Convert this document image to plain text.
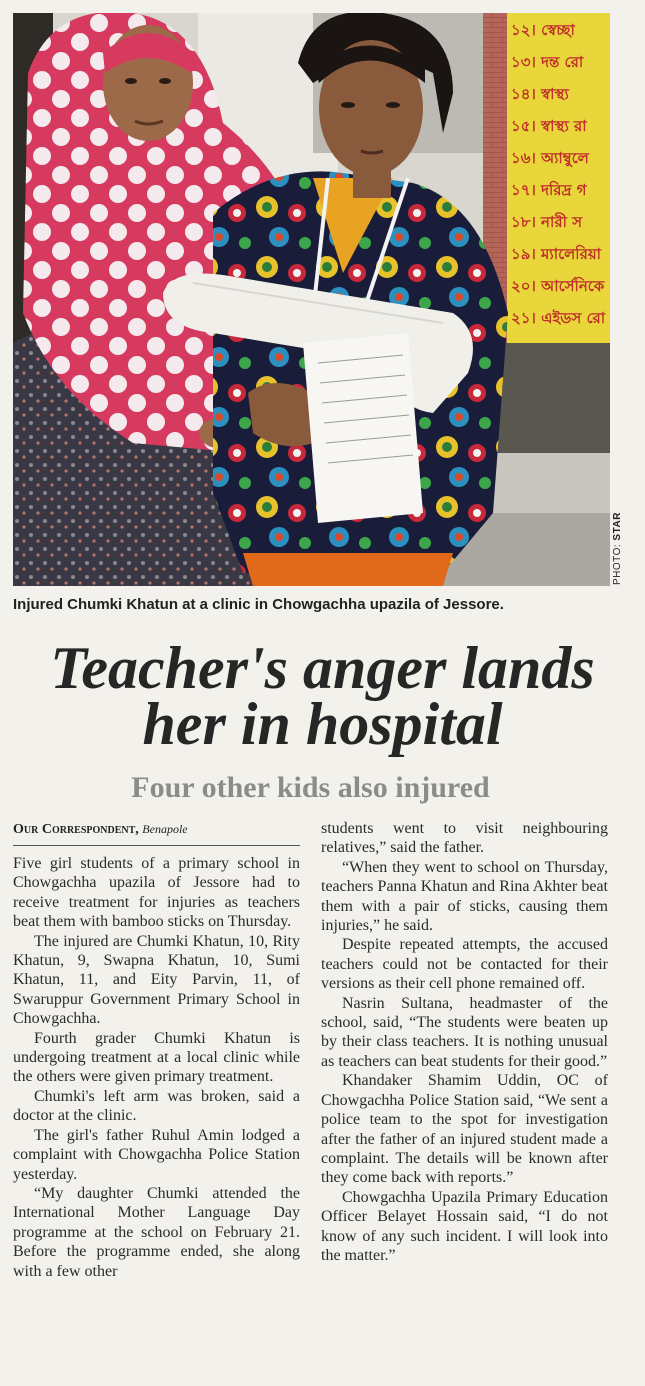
১২। স্বেচ্ছা
১৩। দন্ত রো
১৪। স্বাস্থ্য
১৫। স্বাস্থ্য রা
১৬। অ্যাম্বুলে
১৭। দরিদ্র গ
১৮। নারী স
১৯। ম্যালেরিয়া
২০। আর্সেনিকে
২১। এইডস রো
PHOTO: STAR
Injured Chumki Khatun at a clinic in Chowgachha upazila of Jessore.
Teacher's anger lands
her in hospital
Four other kids also injured
Our Correspondent, Benapole

Five girl students of a primary school in Chowgachha upazila of Jessore had to receive treatment for injuries as teachers beat them with bamboo sticks on Thursday.

The injured are Chumki Khatun, 10, Rity Khatun, 9, Swapna Khatun, 10, Sumi Khatun, 11, and Eity Parvin, 11, of Swaruppur Government Primary School in Chowgachha.

Fourth grader Chumki Khatun is undergoing treatment at a local clinic while the others were given primary treatment.

Chumki's left arm was broken, said a doctor at the clinic.

The girl's father Ruhul Amin lodged a complaint with Chowgachha Police Station yesterday.

“My daughter Chumki attended the International Mother Language Day programme at the school on February 21. Before the programme ended, she along with a few other

students went to visit neighbouring relatives,” said the father.

“When they went to school on Thursday, teachers Panna Khatun and Rina Akhter beat them with a pair of sticks, causing them injuries,” he said.

Despite repeated attempts, the accused teachers could not be contacted for their versions as their cell phone remained off.

Nasrin Sultana, headmaster of the school, said, “The students were beaten up by their class teachers. It is nothing unusual as teachers can beat students for their good.”

Khandaker Shamim Uddin, OC of Chowgachha Police Station said, “We sent a police team to the spot for investigation after the father of an injured student made a complaint. The details will be known after they come back with reports.”

Chowgachha Upazila Primary Education Officer Belayet Hossain said, “I do not know of any such incident. I will look into the matter.”
